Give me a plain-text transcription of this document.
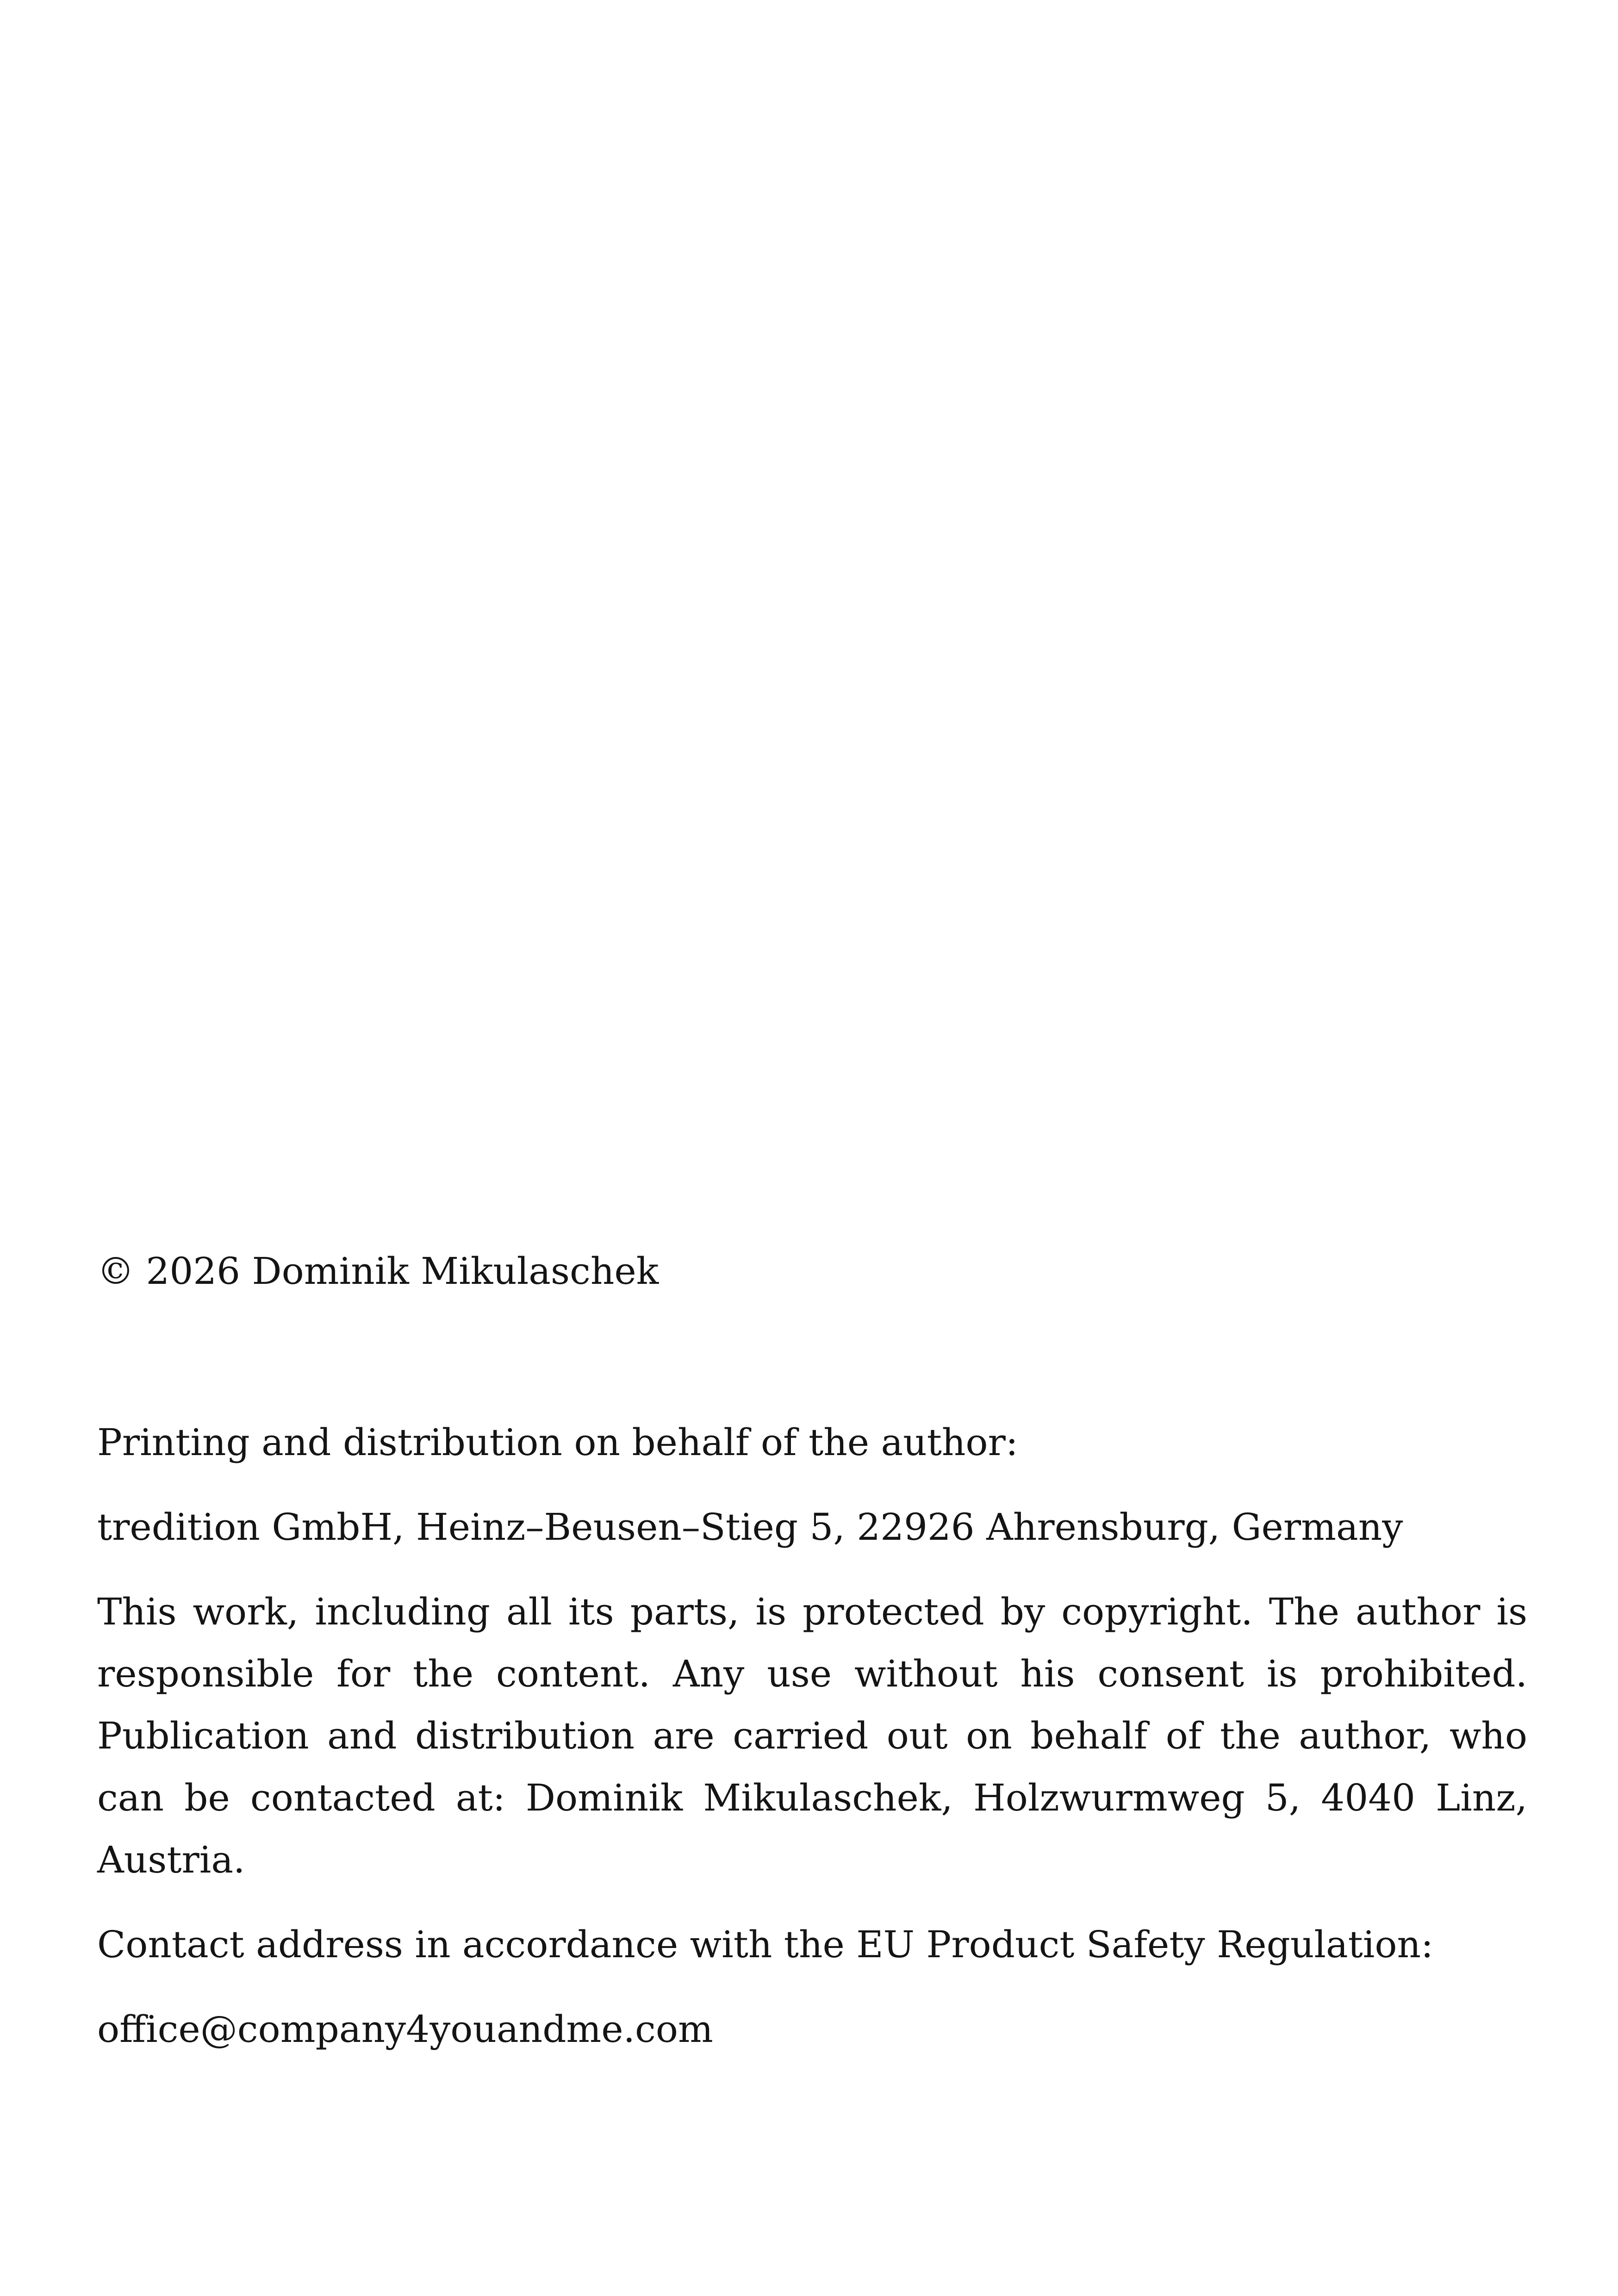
© 2026 Dominik Mikulaschek

Printing and distribution on behalf of the author:

tredition GmbH, Heinz–Beusen–Stieg 5, 22926 Ahrensburg, Germany

This work, including all its parts, is protected by copyright. The author is responsible for the content. Any use without his consent is prohibited. Publication and distribution are carried out on behalf of the author, who can be contacted at: Dominik Mikulaschek, Holzwurmweg 5, 4040 Linz, Austria.

Contact address in accordance with the EU Product Safety Regulation:

office@company4youandme.com
